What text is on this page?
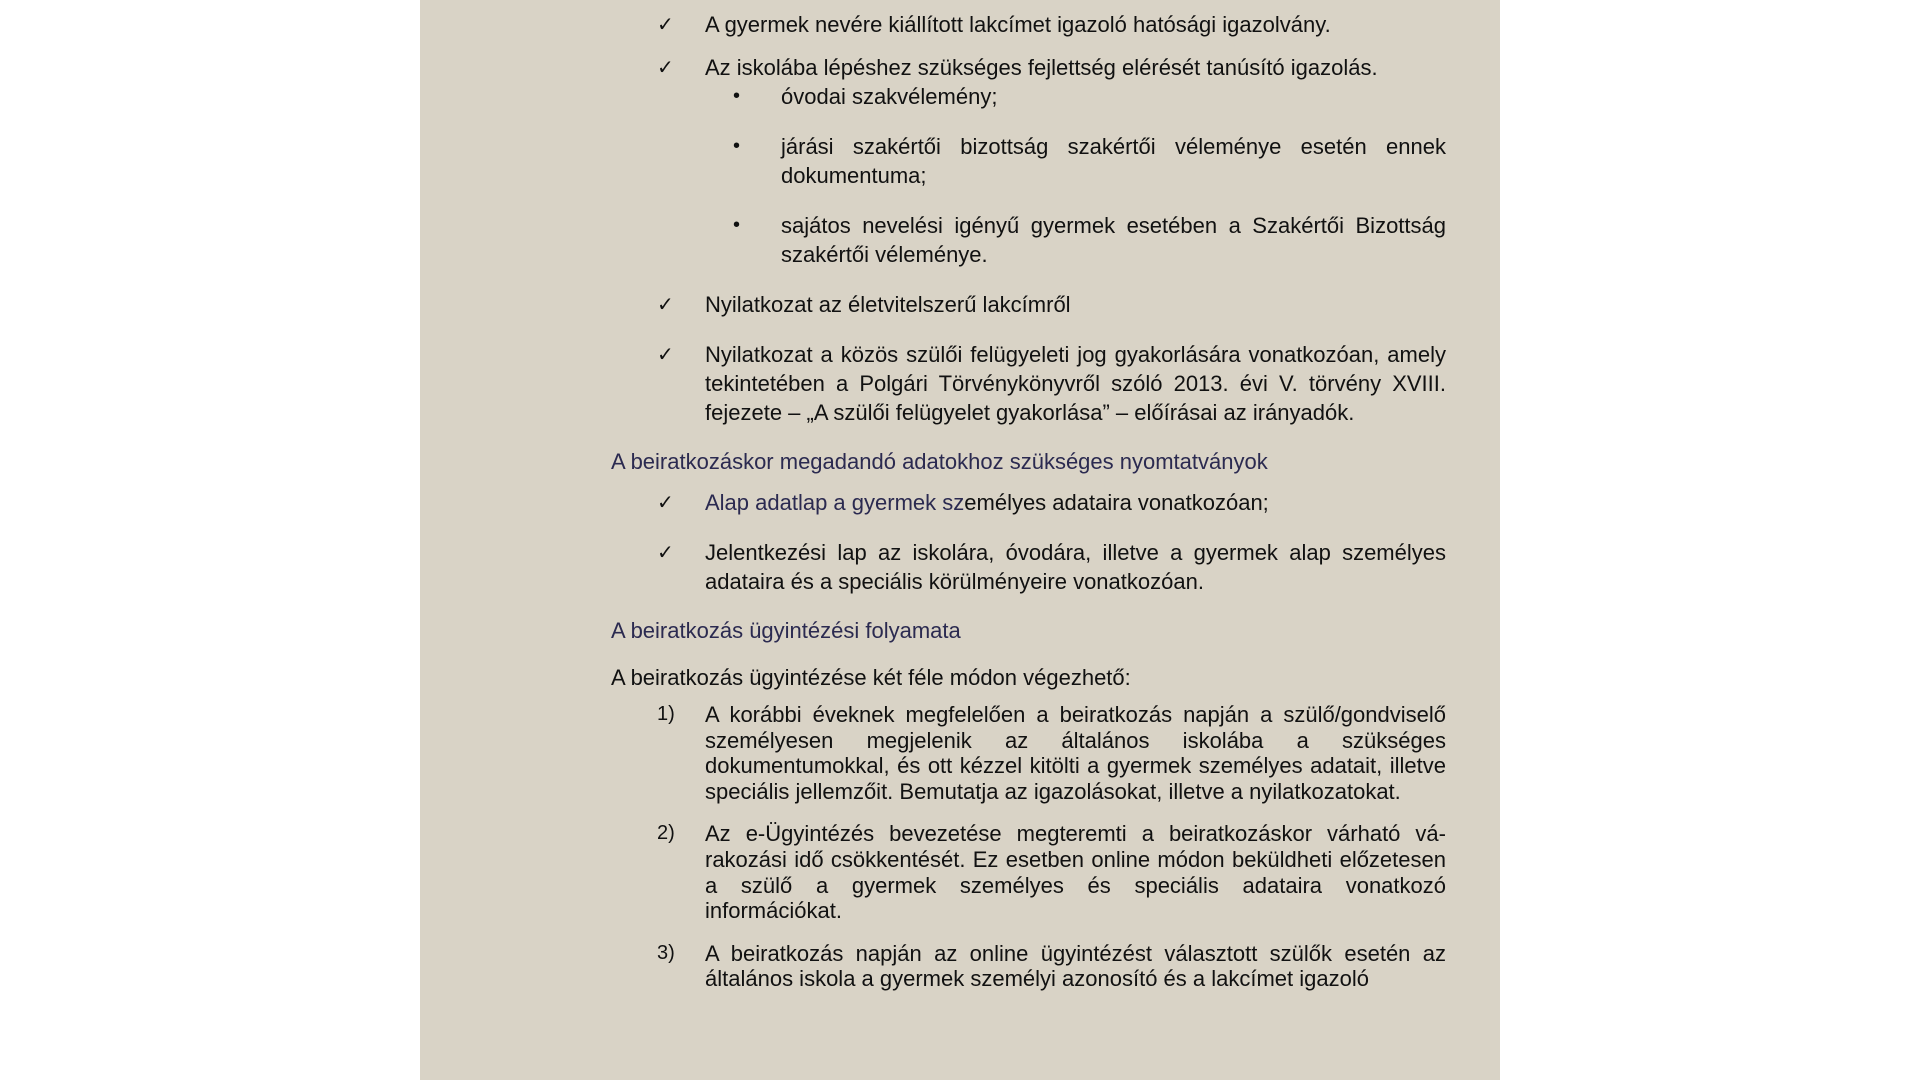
✓ A gyermek nevére kiállított lakcímet igazoló hatósági igazolvány.
✓ Az iskolába lépéshez szükséges fejlettség elérését tanúsító igazolás.
• óvodai szakvélemény;
• járási szakértői bizottság szakértői véleménye esetén ennek dokumentuma;
• sajátos nevelési igényű gyermek esetében a Szakértői Bizottság szakértői véleménye.
✓ Nyilatkozat az életvitelszerű lakcímről
✓ Nyilatkozat a közös szülői felügyeleti jog gyakorlására vonatkozóan, amely tekintetében a Polgári Törvénykönyvről szóló 2013. évi V. törvény XVIII. fejezete – „A szülői felügyelet gyakorlása” – előírásai az irányadók.
A beiratkozáskor megadandó adatokhoz szükséges nyomtatványok
✓ Alap adatlap a gyermek személyes adataira vonatkozóan;
✓ Jelentkezési lap az iskolára, óvodára, illetve a gyermek alap személyes adataira és a speciális körülményeire vonatkozóan.
A beiratkozás ügyintézési folyamata
A beiratkozás ügyintézése két féle módon végezhető:
1) A korábbi éveknek megfelelően a beiratkozás napján a szülő/gondviselő személyesen megjelenik az általános iskolába a szükséges dokumentumokkal, és ott kézzel kitölti a gyermek személyes adatait, illetve speciális jellemzőit. Bemutatja az igazolásokat, illetve a nyilatkozatokat.
2) Az e-Ügyintézés bevezetése megteremti a beiratkozáskor várható várakozási idő csökkentését. Ez esetben online módon beküldheti előzetesen a szülő a gyermek személyes és speciális adataira vonatkozó információkat.
3) A beiratkozás napján az online ügyintézést választott szülők esetén az általános iskola a gyermek személyi azonosító és a lakcímet igazoló
